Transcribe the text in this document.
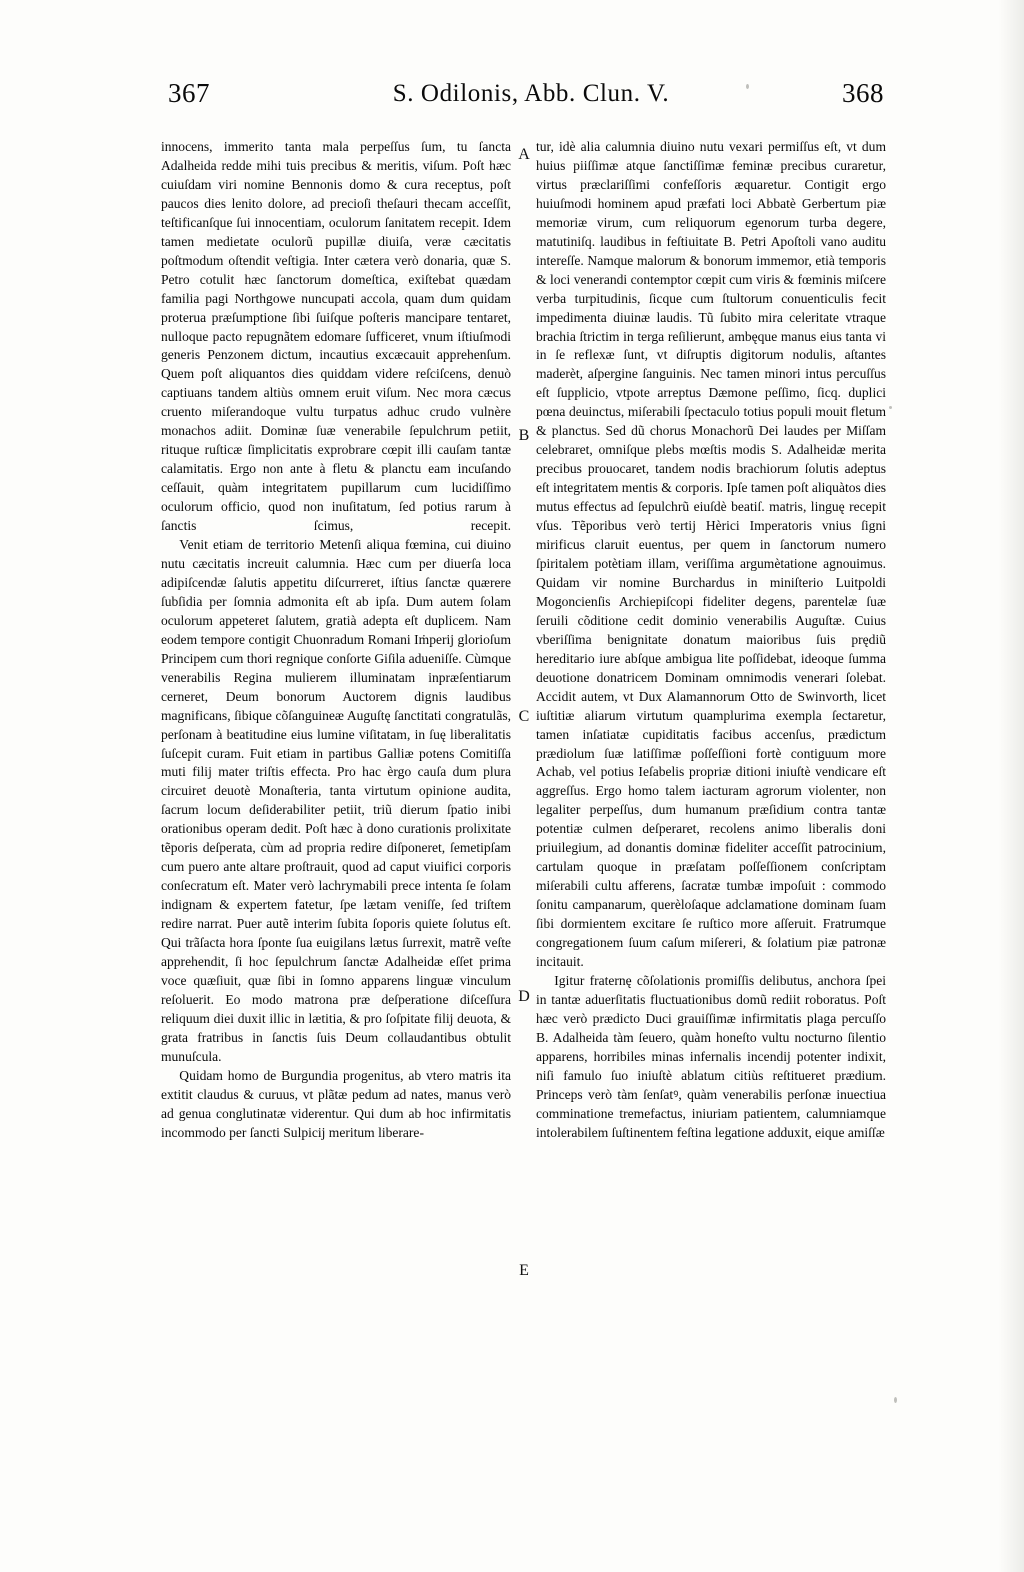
367	S. Odilonis, Abb. Clun. V.	368
A
B
C
D
E

innocens, immerito tanta mala perpeſſus ſum, tu ſancta Adalheida redde mihi tuis precibus & meritis, viſum. Poſt hæc cuiuſdam viri nomine Bennonis domo & cura receptus, poſt paucos dies lenito dolore, ad precioſi theſauri thecam acceſſit, teſtificanſque ſui innocentiam, oculorum ſanitatem recepit. Idem tamen medietate oculorũ pupillæ diuiſa, veræ cæcitatis poſtmodum oſtendit veſtigia. Inter cætera verò donaria, quæ S. Petro cotulit hæc ſanctorum domeſtica, exiſtebat quædam familia pagi Northgowe nuncupati accola, quam dum quidam proterua præſumptione ſibi ſuiſque poſteris mancipare tentaret, nulloque pacto repugnãtem edomare ſufficeret, vnum iſtiuſmodi generis Penzonem dictum, incautius excæcauit apprehenſum. Quem poſt aliquantos dies quiddam videre reſciſcens, denuò captiuans tandem altiùs omnem eruit viſum. Nec mora cæcus cruento miſerandoque vultu turpatus adhuc crudo vulnère monachos adiit. Dominæ ſuæ venerabile ſepulchrum petiit, rituque ruſticæ ſimplicitatis exprobrare cœpit illi cauſam tantæ calamitatis. Ergo non ante à fletu & planctu eam incuſando ceſſauit, quàm integritatem pupillarum cum lucidiſſimo oculorum officio, quod non inuſitatum, ſed potius rarum à ſanctis ſcimus, recepit.

Venit etiam de territorio Metenſi aliqua fœmina, cui diuino nutu cæcitatis increuit calumnia. Hæc cum per diuerſa loca adipiſcendæ ſalutis appetitu diſcurreret, iſtius ſanctæ quærere ſubſidia per ſomnia admonita eſt ab ipſa. Dum autem ſolam oculorum appeteret ſalutem, gratià adepta eſt duplicem. Nam eodem tempore contigit Chuonradum Romani Iṁperij glorioſum Principem cum thori regnique conſorte Giſila adueniſſe. Cùmque venerabilis Regina mulierem illuminatam inpræſentiarum cerneret, Deum bonorum Auctorem dignis laudibus magnificans, ſibique cõſanguineæ Auguſtę ſanctitati congratulãs, perſonam à beatitudine eius lumine viſitatam, in ſuę liberalitatis ſuſcepit curam. Fuit etiam in partibus Galliæ potens Comitiſſa muti filij mater triſtis effecta. Pro hac èrgo cauſa dum plura circuiret deuotè Monaſteria, tanta virtutum opinione audita, ſacrum locum deſiderabiliter petiit, triũ dierum ſpatio inibi orationibus operam dedit. Poſt hæc à dono curationis prolixitate tẽporis deſperata, cùm ad propria redire diſponeret, ſemetipſam cum puero ante altare proſtrauit, quod ad caput viuifici corporis conſecratum eſt. Mater verò lachrymabili prece intenta ſe ſolam indignam & expertem fatetur, ſpe lætam veniſſe, ſed triſtem redire narrat. Puer autẽ interim ſubita ſoporis quiete ſolutus eſt. Qui trãſacta hora ſponte ſua euigilans lætus ſurrexit, matrẽ veſte apprehendit, ſi hoc ſepulchrum ſanctæ Adalheidæ eſſet prima voce quæſiuit, quæ ſibi in ſomno apparens linguæ vinculum reſoluerit. Eo modo matrona præ deſperatione diſceſſura reliquum diei duxit illic in lætitia, & pro ſoſpitate filij deuota, & grata fratribus in ſanctis ſuis Deum collaudantibus obtulit munuſcula.

Quidam homo de Burgundia progenitus, ab vtero matris ita extitit claudus & curuus, vt plãtæ pedum ad nates, manus verò ad genua conglutinatæ viderentur. Qui dum ab hoc infirmitatis incommodo per ſancti Sulpicij meritum liberare-

tur, idè alia calumnia diuino nutu vexari permiſſus eſt, vt dum huius piiſſimæ atque ſanctiſſimæ feminæ precibus curaretur, virtus præclariſſimi confeſſoris æquaretur. Contigit ergo huiuſmodi hominem apud præfati loci Abbatè Gerbertum piæ memoriæ virum, cum reliquorum egenorum turba degere, matutiniſq. laudibus in feſtiuitate B. Petri Apoſtoli vano auditu intereſſe. Namque malorum & bonorum immemor, etià temporis & loci venerandi contemptor cœpit cum viris & fœminis miſcere verba turpitudinis, ſicque cum ſtultorum conuenticulis fecit impedimenta diuinæ laudis. Tũ ſubito mira celeritate vtraque brachia ſtrictim in terga reſilierunt, ambęque manus eius tanta vi in ſe reflexæ ſunt, vt diſruptis digitorum nodulis, aſtantes maderèt, aſpergine ſanguinis. Nec tamen minori intus percuſſus eſt ſupplicio, vtpote arreptus Dæmone peſſimo, ſicq. duplici pœna deuinctus, miſerabili ſpectaculo totius populi mouit fletum & planctus. Sed dũ chorus Monachorũ Dei laudes per Miſſam celebraret, omniſque plebs mœſtis modis S. Adalheidæ merita precibus prouocaret, tandem nodis brachiorum ſolutis adeptus eſt integritatem mentis & corporis. Ipſe tamen poſt aliquàtos dies mutus effectus ad ſepulchrũ eiuſdè beatiſ. matris, linguę recepit vſus. Tẽporibus verò tertij Hèrici Imperatoris vnius ſigni mirificus claruit euentus, per quem in ſanctorum numero ſpiritalem potètiam illam, veriſſima argumètatione agnouimus. Quidam vir nomine Burchardus in miniſterio Luitpoldi Mogoncienſis Archiepiſcopi fideliter degens, parentelæ ſuæ ſeruili cõditione cedit dominio venerabilis Auguſtæ. Cuius vberiſſima benignitate donatum maioribus ſuis prędiũ hereditario iure abſque ambigua lite poſſidebat, ideoque ſumma deuotione donatricem Dominam omnimodis venerari ſolebat. Accidit autem, vt Dux Alamannorum Otto de Swinvorth, licet iuſtitiæ aliarum virtutum quamplurima exempla ſectaretur, tamen inſatiatæ cupiditatis facibus accenſus, prædictum prædiolum ſuæ latiſſimæ poſſeſſioni fortè contiguum more Achab, vel potius Ieſabelis propriæ ditioni iniuſtè vendicare eſt aggreſſus. Ergo homo talem iacturam agrorum violenter, non legaliter perpeſſus, dum humanum præſidium contra tantæ potentiæ culmen deſperaret, recolens animo liberalis doni priuilegium, ad donantis dominæ fideliter acceſſit patrocinium, cartulam quoque in præſatam poſſeſſionem conſcriptam miſerabili cultu afferens, ſacratæ tumbæ impoſuit : commodo ſonitu campanarum, querèloſaque adclamatione dominam ſuam ſibi dormientem excitare ſe ruſtico more aſſeruit. Fratrumque congregationem ſuum caſum miſereri, & ſolatium piæ patronæ incitauit.

Igitur fraternę cõſolationis promiſſis delibutus, anchora ſpei in tantæ aduerſitatis fluctuationibus domũ rediit roboratus. Poſt hæc verò prædicto Duci grauiſſimæ infirmitatis plaga percuſſo B. Adalheida tàm ſeuero, quàm honeſto vultu nocturno ſilentio apparens, horribiles minas infernalis incendij potenter indixit, niſi famulo ſuo iniuſtè ablatum citiùs reſtitueret prædium. Princeps verò tàm ſenſatꝰ, quàm venerabilis perſonæ inuectiua comminatione tremefactus, iniuriam patientem, calumniamque intolerabilem ſuſtinentem feſtina legatione adduxit, eique amiſſæ
